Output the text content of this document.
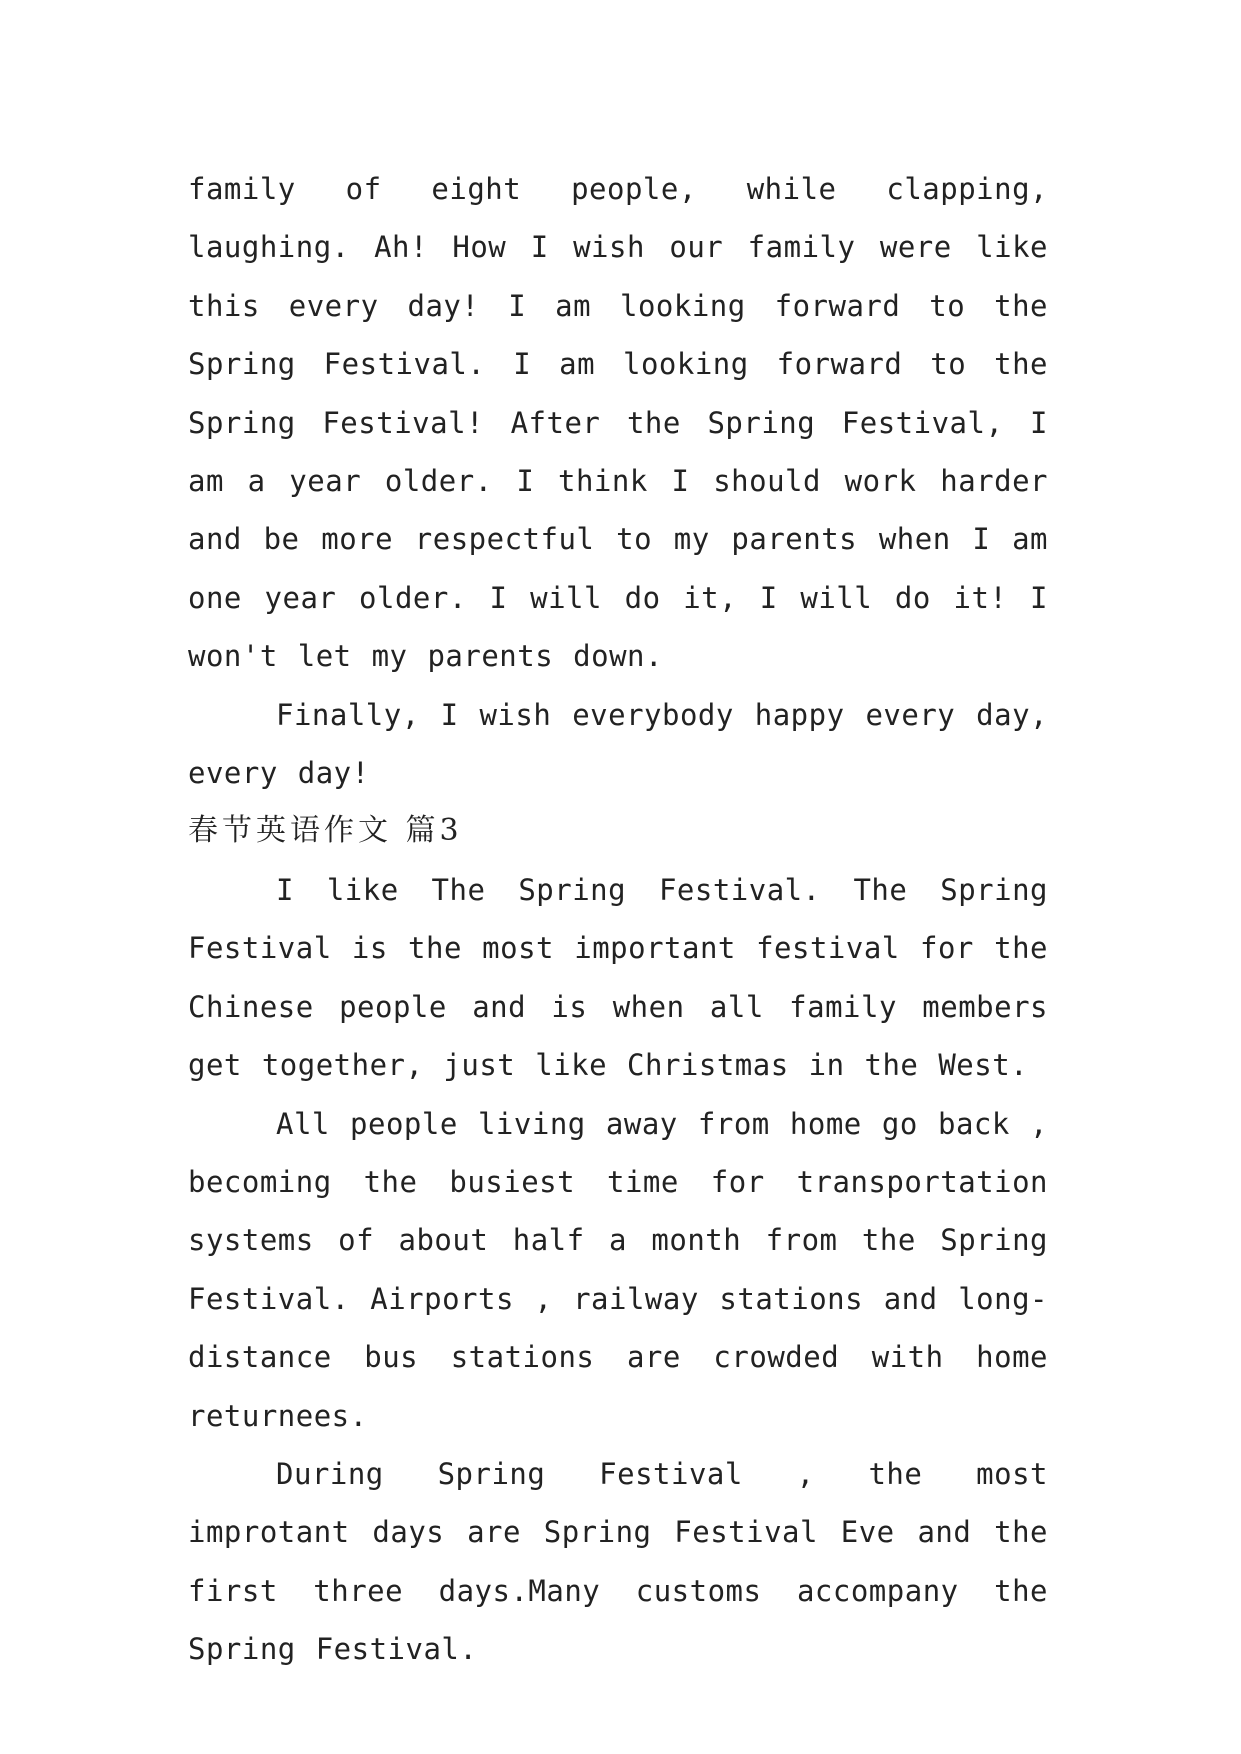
family of eight people, while clapping, laughing. Ah! How I wish our family were like this every day! I am looking forward to the Spring Festival. I am looking forward to the Spring Festival! After the Spring Festival, I am a year older. I think I should work harder and be more respectful to my parents when I am one year older. I will do it, I will do it! I won't let my parents down.

Finally, I wish everybody happy every day, every day!

春节英语作文 篇3

I like The Spring Festival. The Spring Festival is the most important festival for the Chinese people and is when all family members get together, just like Christmas in the West.

All people living away from home go back , becoming the busiest time for transportation systems of about half a month from the Spring Festival. Airports , railway stations and long-distance bus stations are crowded with home returnees.

During Spring Festival , the most improtant days are Spring Festival Eve and the first three days.Many customs accompany the Spring Festival.
